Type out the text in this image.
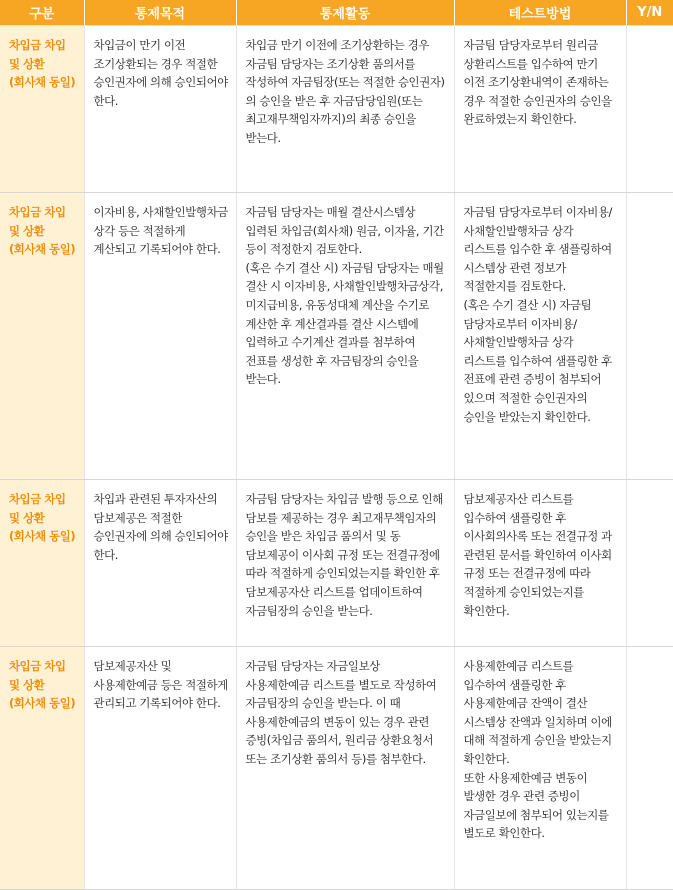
구분	통제목적	통제활동	테스트방법	Y/N

차입금 차입
및 상환
(회사채 동일)	차입금이 만기 이전 조기상환되는 경우 적절한 승인권자에 의해 승인되어야 한다.	차입금 만기 이전에 조기상환하는 경우 자금팀 담당자는 조기상환 품의서를 작성하여 자금팀장(또는 적절한 승인권자)의 승인을 받은 후 자금담당임원(또는 최고재무책임자까지)의 최종 승인을 받는다.	자금팀 담당자로부터 원리금 상환리스트를 입수하여 만기 이전 조기상환내역이 존재하는 경우 적절한 승인권자의 승인을 완료하였는지 확인한다.	

차입금 차입
및 상환
(회사채 동일)	이자비용, 사채할인발행차금 상각 등은 적절하게 계산되고 기록되어야 한다.	자금팀 담당자는 매월 결산시스템상 입력된 차입금(회사채) 원금, 이자율, 기간 등이 적정한지 검토한다.
(혹은 수기 결산 시) 자금팀 담당자는 매월 결산 시 이자비용, 사채할인발행차금상각, 미지급비용, 유동성대체 계산을 수기로 계산한 후 계산결과를 결산 시스템에 입력하고 수기계산 결과를 첨부하여 전표를 생성한 후 자금팀장의 승인을 받는다.	자금팀 담당자로부터 이자비용/사채할인발행차금 상각 리스트를 입수한 후 샘플링하여 시스템상 관련 정보가 적절한지를 검토한다.
(혹은 수기 결산 시) 자금팀 담당자로부터 이자비용/사채할인발행차금 상각 리스트를 입수하여 샘플링한 후 전표에 관련 증빙이 첨부되어 있으며 적절한 승인권자의 승인을 받았는지 확인한다.	

차입금 차입
및 상환
(회사채 동일)	차입과 관련된 투자자산의 담보제공은 적절한 승인권자에 의해 승인되어야 한다.	자금팀 담당자는 차입금 발행 등으로 인해 담보를 제공하는 경우 최고재무책임자의 승인을 받은 차입금 품의서 및 동 담보제공이 이사회 규정 또는 전결규정에 따라 적절하게 승인되었는지를 확인한 후 담보제공자산 리스트를 업데이트하여 자금팀장의 승인을 받는다.	담보제공자산 리스트를 입수하여 샘플링한 후 이사회의사록 또는 전결규정 과 관련된 문서를 확인하여 이사회 규정 또는 전결규정에 따라 적절하게 승인되었는지를 확인한다.	

차입금 차입
및 상환
(회사채 동일)	담보제공자산 및 사용제한예금 등은 적절하게 관리되고 기록되어야 한다.	자금팀 담당자는 자금일보상 사용제한예금 리스트를 별도로 작성하여 자금팀장의 승인을 받는다. 이 때 사용제한예금의 변동이 있는 경우 관련 증빙(차입금 품의서, 원리금 상환요청서 또는 조기상환 품의서 등)를 첨부한다.	사용제한예금 리스트를 입수하여 샘플링한 후 사용제한예금 잔액이 결산 시스템상 잔액과 일치하며 이에 대해 적절하게 승인을 받았는지 확인한다.
또한 사용제한예금 변동이 발생한 경우 관련 증빙이 자금일보에 첨부되어 있는지를 별도로 확인한다.	
